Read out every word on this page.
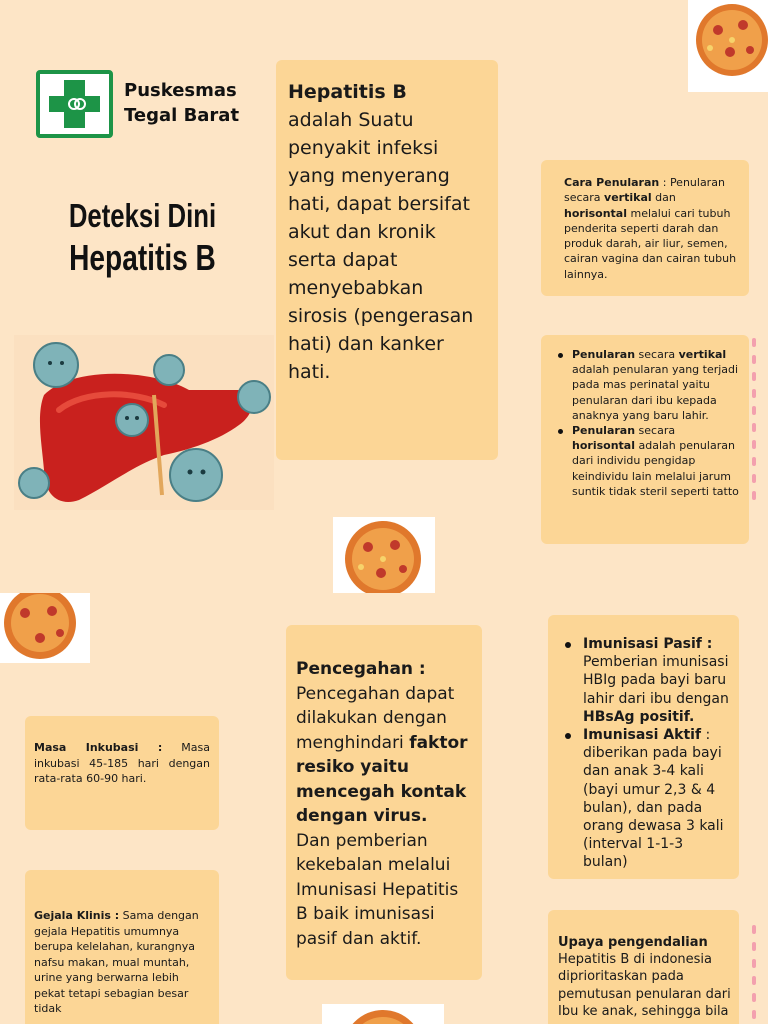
Puskesmas
Tegal Barat
Deteksi Dini
Hepatitis B
Hepatitis B
adalah Suatu penyakit infeksi yang menyerang hati, dapat bersifat akut dan kronik serta dapat menyebabkan sirosis (pengerasan hati) dan kanker hati.

Cara Penularan : Penularan secara vertikal dan horisontal melalui cari tubuh penderita seperti darah dan produk darah, air liur, semen, cairan vagina dan cairan tubuh lainnya.

Penularan secara vertikal adalah penularan yang terjadi pada mas perinatal yaitu penularan dari ibu kepada anaknya yang baru lahir.
Penularan secara horisontal adalah penularan dari individu pengidap keindividu lain melalui jarum suntik tidak steril seperti tatto
Imunisasi Pasif :
Pemberian imunisasi HBIg pada bayi baru lahir dari ibu dengan HBsAg positif.
Imunisasi Aktif :
diberikan pada bayi dan anak 3-4 kali (bayi umur 2,3 & 4 bulan), dan pada orang dewasa 3 kali (interval 1-1-3 bulan)

Upaya pengendalian
Hepatitis B di indonesia diprioritaskan pada pemutusan penularan dari Ibu ke anak, sehingga bila

Pencegahan :
Pencegahan dapat dilakukan dengan menghindari faktor resiko yaitu mencegah kontak dengan virus.
Dan pemberian kekebalan melalui Imunisasi Hepatitis B baik imunisasi pasif dan aktif.

Masa Inkubasi : Masa inkubasi 45-185 hari dengan rata-rata 60-90 hari.

Gejala Klinis : Sama dengan gejala Hepatitis umumnya berupa kelelahan, kurangnya nafsu makan, mual muntah, urine yang berwarna lebih pekat tetapi sebagian besar tidak
